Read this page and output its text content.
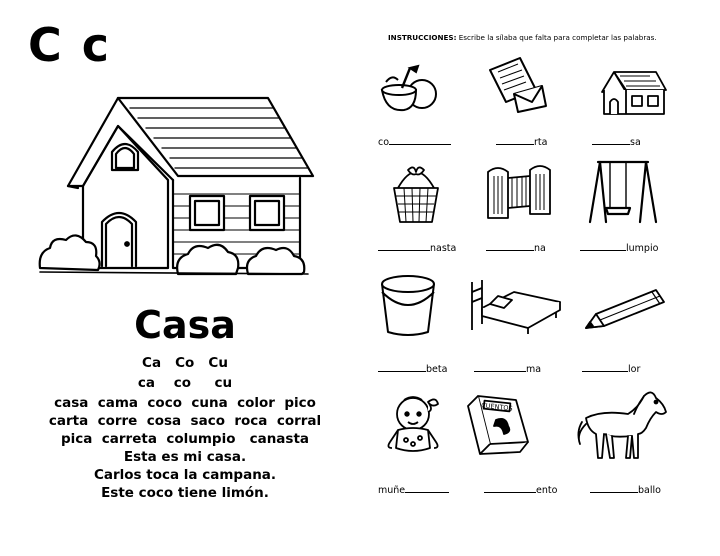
C c
Casa
Ca   Co   Cu
ca    co     cu
casa  cama  coco  cuna  color  pico
carta  corre  cosa  saco  roca  corral
pica  carreta  columpio   canasta
Esta es mi casa.
Carlos toca la campana.
Este coco tiene limón.
INSTRUCCIONES: Escribe la sílaba que falta para completar las palabras.
CUENTOS
co	rta	sa
nasta	na	lumpio
beta	ma	lor
muñe	ento	ballo
